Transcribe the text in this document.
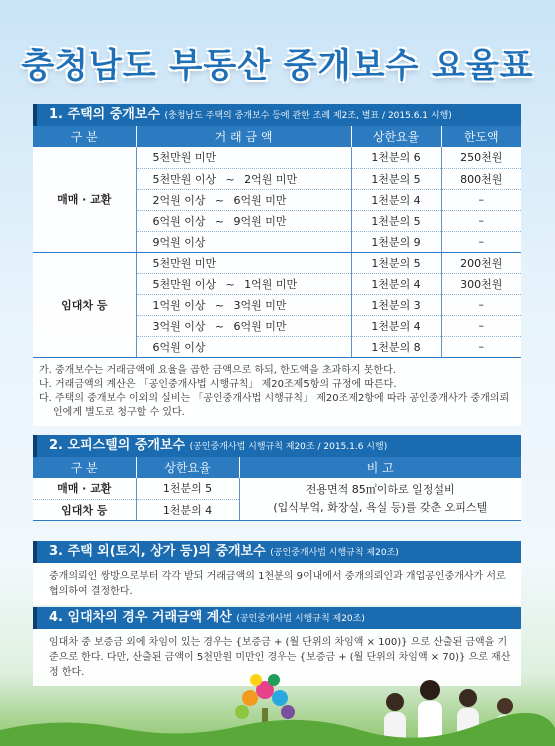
충청남도 부동산 중개보수 요율표
1. 주택의 중개보수 (충청남도 주택의 중개보수 등에 관한 조례 제2조, 별표 / 2015.6.1 시행)
구 분	거 래 금 액	상한요율	한도액
매매 · 교환	5천만원 미만	1천분의 6	250천원
	5천만원 이상 ~ 2억원 미만	1천분의 5	800천원
	2억원 이상 ~ 6억원 미만	1천분의 4	–
	6억원 이상 ~ 9억원 미만	1천분의 5	–
	9억원 이상	1천분의 9	–
임대차 등	5천만원 미만	1천분의 5	200천원
	5천만원 이상 ~ 1억원 미만	1천분의 4	300천원
	1억원 이상 ~ 3억원 미만	1천분의 3	–
	3억원 이상 ~ 6억원 미만	1천분의 4	–
	6억원 이상	1천분의 8	–

가. 중개보수는 거래금액에 요율을 곱한 금액으로 하되, 한도액을 초과하지 못한다.

나. 거래금액의 계산은 「공인중개사법 시행규칙」 제20조제5항의 규정에 따른다.

다. 주택의 중개보수 이외의 실비는 「공인중개사법 시행규칙」 제20조제2항에 따라 공인중개사가 중개의뢰인에게 별도로 청구할 수 있다.

2. 오피스텔의 중개보수 (공인중개사법 시행규칙 제20조 / 2015.1.6 시행)
구 분	상한요율	비 고
매매 · 교환	1천분의 5	전용면적 85㎡이하로 일정설비
(입식부엌, 화장실, 욕실 등)를 갖춘 오피스텔

임대차 등	1천분의 4	
3. 주택 외(토지, 상가 등)의 중개보수 (공인중개사법 시행규칙 제20조)
중개의뢰인 쌍방으로부터 각각 받되 거래금액의 1천분의 9이내에서 중개의뢰인과 개업공인중개사가 서로 협의하여 결정한다.
4. 임대차의 경우 거래금액 계산 (공인중개사법 시행규칙 제20조)
임대차 중 보증금 외에 차임이 있는 경우는 {보증금 + (월 단위의 차임액 × 100)} 으로 산출된 금액을 기준으로 한다. 다만, 산출된 금액이 5천만원 미만인 경우는 {보증금 + (월 단위의 차임액 × 70)} 으로 재산정 한다.
